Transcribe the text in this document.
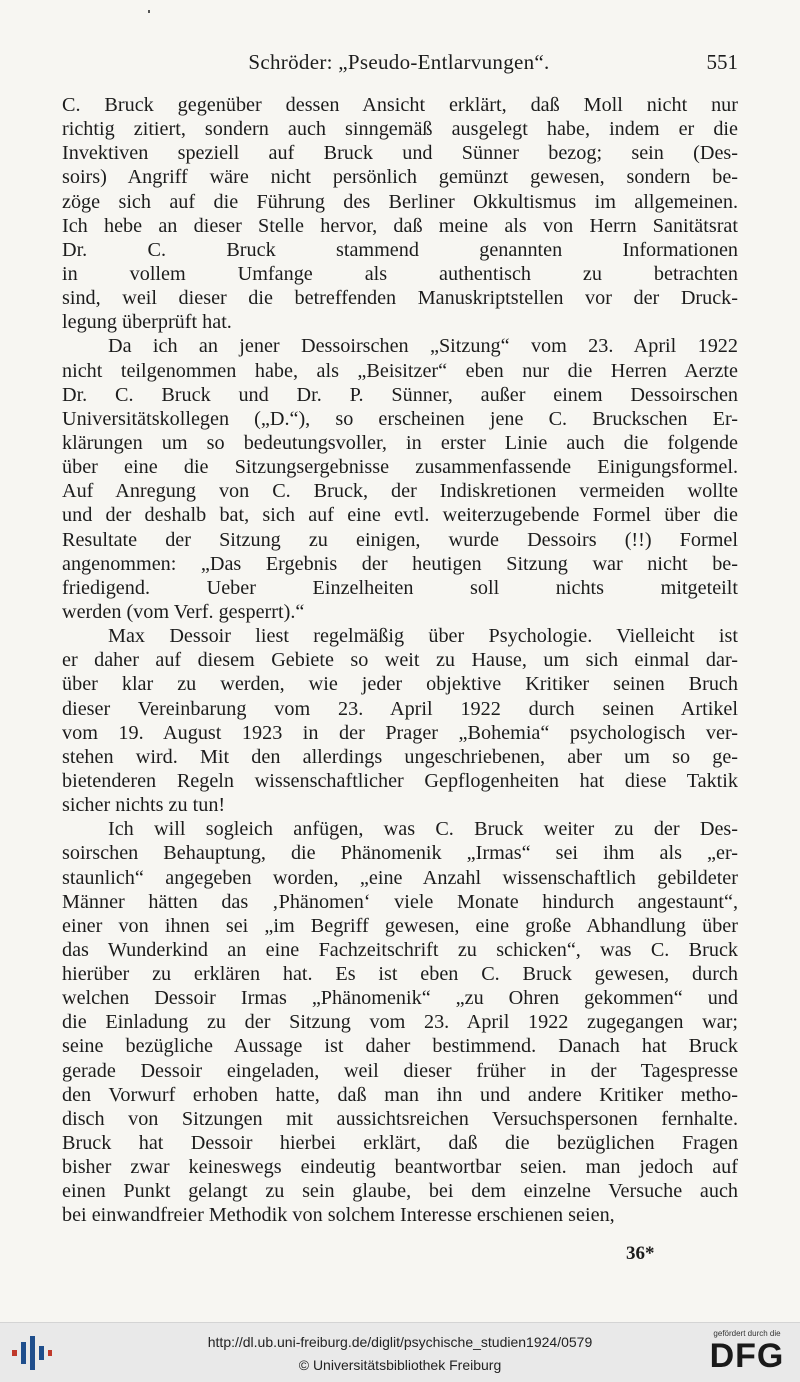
Schröder: „Pseudo-Entlarvungen“.	551
C. Bruck gegenüber dessen Ansicht erklärt, daß Moll nicht nur
richtig zitiert, sondern auch sinngemäß ausgelegt habe, indem er die
Invektiven speziell auf Bruck und Sünner bezog; sein (Des-
soirs) Angriff wäre nicht persönlich gemünzt gewesen, sondern be-
zöge sich auf die Führung des Berliner Okkultismus im allgemeinen.
Ich hebe an dieser Stelle hervor, daß meine als von Herrn Sanitätsrat
Dr. C. Bruck stammend genannten Informationen
in vollem Umfange als authentisch zu betrachten
sind, weil dieser die betreffenden Manuskriptstellen vor der Druck-
legung überprüft hat.
Da ich an jener Dessoirschen „Sitzung“ vom 23. April 1922
nicht teilgenommen habe, als „Beisitzer“ eben nur die Herren Aerzte
Dr. C. Bruck und Dr. P. Sünner, außer einem Dessoirschen
Universitätskollegen („D.“), so erscheinen jene C. Bruckschen Er-
klärungen um so bedeutungsvoller, in erster Linie auch die folgende
über eine die Sitzungsergebnisse zusammenfassende Einigungsformel.
Auf Anregung von C. Bruck, der Indiskretionen vermeiden wollte
und der deshalb bat, sich auf eine evtl. weiterzugebende Formel über die
Resultate der Sitzung zu einigen, wurde Dessoirs (!!) Formel
angenommen: „Das Ergebnis der heutigen Sitzung war nicht be-
friedigend. Ueber Einzelheiten soll nichts mitgeteilt
werden (vom Verf. gesperrt).“
Max Dessoir liest regelmäßig über Psychologie. Vielleicht ist
er daher auf diesem Gebiete so weit zu Hause, um sich einmal dar-
über klar zu werden, wie jeder objektive Kritiker seinen Bruch
dieser Vereinbarung vom 23. April 1922 durch seinen Artikel
vom 19. August 1923 in der Prager „Bohemia“ psychologisch ver-
stehen wird. Mit den allerdings ungeschriebenen, aber um so ge-
bietenderen Regeln wissenschaftlicher Gepflogenheiten hat diese Taktik
sicher nichts zu tun!
Ich will sogleich anfügen, was C. Bruck weiter zu der Des-
soirschen Behauptung, die Phänomenik „Irmas“ sei ihm als „er-
staunlich“ angegeben worden, „eine Anzahl wissenschaftlich gebildeter
Männer hätten das ‚Phänomen‘ viele Monate hindurch angestaunt“,
einer von ihnen sei „im Begriff gewesen, eine große Abhandlung über
das Wunderkind an eine Fachzeitschrift zu schicken“, was C. Bruck
hierüber zu erklären hat. Es ist eben C. Bruck gewesen, durch
welchen Dessoir Irmas „Phänomenik“ „zu Ohren gekommen“ und
die Einladung zu der Sitzung vom 23. April 1922 zugegangen war;
seine bezügliche Aussage ist daher bestimmend. Danach hat Bruck
gerade Dessoir eingeladen, weil dieser früher in der Tagespresse
den Vorwurf erhoben hatte, daß man ihn und andere Kritiker metho-
disch von Sitzungen mit aussichtsreichen Versuchspersonen fernhalte.
Bruck hat Dessoir hierbei erklärt, daß die bezüglichen Fragen
bisher zwar keineswegs eindeutig beantwortbar seien. man jedoch auf
einen Punkt gelangt zu sein glaube, bei dem einzelne Versuche auch
bei einwandfreier Methodik von solchem Interesse erschienen seien,
36*
http://dl.ub.uni-freiburg.de/diglit/psychische_studien1924/0579
© Universitätsbibliothek Freiburg
gefördert durch die
DFG
